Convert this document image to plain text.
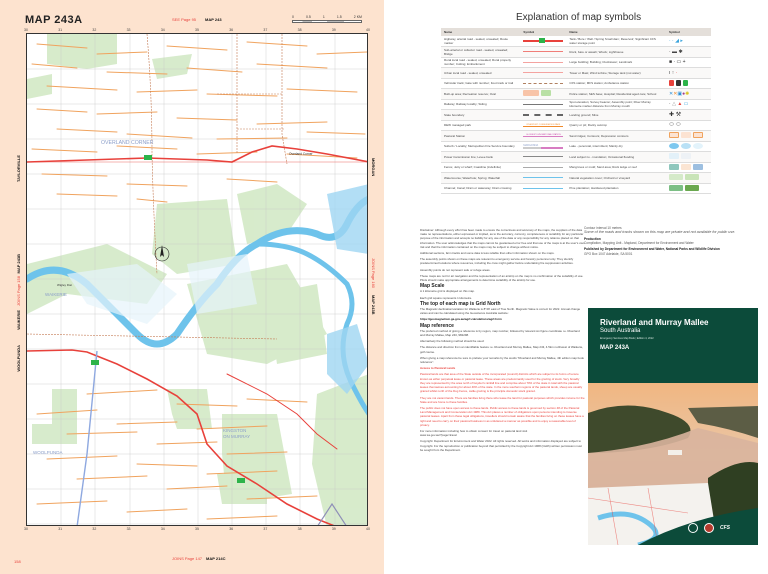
MAP 243A	SEE Page 95 MAP 243	0	0.5	1	1.5	2 KM
30	31	32	33	34	35	36	37	38	39	40
OVERLAND CORNER
Overland Corner
Wigley Flat
WAIKERIE
WOOLPUNDA
KINGSTON
ON MURRAY
30	31	32	33	34	35	36	37	38	39	40
TAYLORVILLE
JOINS Page 158
MAP 243B
WAIKERIE
WOOLPUNDA
MORGAN
JOINS Page 160
MAP 243B
158
JOINS Page 147 MAP 214C
Explanation of map symbols
Name	Symbol	Name	Symbol
Highway, arterial road - sealed, unsealed; Route marker		Tank / Bore / Well / Spring Small dam; Reservoir; Significant CFS water storage point	· · ◢ ▸
Sub-arterial or collector road - sealed, unsealed; Bridge		Rock, bare or awash; Wreck; Lighthouse	· ▬ ✱
Rural local road - sealed, unsealed; Rural property number; Cutting; Embankment		Large building; Building; Clocktower; Landmark	■ · ▭ +
Urban local road - sealed, unsealed		Tower or Mast; Wind turbine; Storage tank (not water)	ı ↑ ·
Vehicular track; Gate with number; Foot track or trail		CFS station; MFS station; Ambulance station	
Built-up area; Recreation reserve; Oval		Police station; SES base; Hospital; Residential aged care; School	✕✕▣●✺
Railway; Railway locality; Siding		Spot elevation; Survey beacon; Assembly point; River Murray kilometre marker distance from Murray mouth	· △ ▲ ▭
State boundary		Landing ground; Mine	✚ ⚒
DEW managed park	RIVERPORT CONSERVATION PARK	Quarry or pit; Rocky outcrop	⬭ ⬭
Pastoral Station	GLOSSOP DUN PASTORAL STATION	Sand ridges; Contours; Depression contours	
Suburb / Locality; Metropolitan Fire Service boundary	MARGONNA	Lake - perennial, intermittent; Mainly dry	
Power transmission line; Levee bank		Land subject to - inundation; Occasional flooding	
Fence; Jetty or wharf; Coastline (indefinite)		Mangroves or mold; Sand area; Rock ledge or reef	
Watercourse; Waterhole; Spring; Waterfall		Natural vegetation cover; Orchard or vineyard	
Channel; Canal; Drain or waterway; Drain crossing		Pine plantation; Hardwood plantation	

Disclaimer: Although every effort has been made to ensure the correctness and accuracy of the maps, the suppliers of the data make no representations, either expressed or implied, as to the accuracy, currency, completeness or suitability for any particular purpose of the information and accepts no liability for any use of the data or any responsibility for any reliance placed on that information. The user acknowledges that the maps cannot be guaranteed error free and that use of the maps is at the user's own risk and that the information contained on the maps may be subject to change without notice.

Additional sections, farm tracks and some data is less reliable than other information shown on the maps.

The assembly points shown on these maps are relevant to emergency service and forestry personnel only. They identify predetermined locations where resources, including the crew might gather before undertaking fire suppression activities.

Assembly points do not represent safe or refuge areas.

These maps are not for air navigation and the representation of an airstrip on the map is no confirmation of the suitability of use. Pilots should make appropriate arrangements to determine suitability of the airstrip for use.

Map Scale

A 1 kilometre grid is displayed on this map.

Each grid square represents 1 kilometre.

The top of each map is Grid North

The Magnetic declination/variation for Waikerie is 8°29' east of True North. Magnetic Value is correct for 2022. Annual change varies and can be calculated using the Geoscience Australia website:

https://geomagnetism.ga.gov.au/agrf-calculations/agrf-form

Map reference

The preferred method of giving a reference is by region, map number, followed by relevant six figure coordinate i.e. Riverland and Murray Mallee, Map 243, 982298.

Alternatively the following method should be used:

The distance and direction from an identifiable feature i.e. Riverland and Murray Mallee, Map 243, 4.5km northwest of Waikerie, golf course.

When giving a map reference be sure to preface your remarks by the words "Riverland and Murray Mallee, 4th edition map book reference".

Access to Pastoral Lands

Pastoral lands are that area of the State outside of the incorporated (council) districts which are subject to its forms of tenure known as either perpetual lease or pastoral lease. These areas are predominantly used for the grazing of stock. Very broadly they are represented by the area north of Goyder's rainfall line and comprise about 70% of the state in total with the pastoral leases themselves accounting for about 40% of the state. In the more southern regions of the pastoral lands, sheep are usually grazed whilst north of the Dog Fence, cattle grazing is the principle domestic stock grazed.

They are not vacant lands. There are families living there who lease the land for pastoral purposes which provides income for the State and are home to these families.

The public does not have open access to these lands. Public access to these lands is governed by section 48 of the Pastoral Land Management and Conservation Act 1989. This Act places a number of obligations upon persons intending to traverse pastoral leases. Apart from these legal obligations, travellers should remain aware that the families living on these leases have a right and need to carry on their pastoral business in as unfettered a manner as possible and to enjoy a reasonable level of privacy.

For more information including how to obtain consent for travel on pastoral land visit

www.sa.gov.au/?page=travel

Copyright: Department for Environment and Water 2022. All rights reserved. All works and information displayed are subject to Copyright. For the reproduction or publication beyond that permitted by the Copyright Act 1968 (Cwlth) written permission must be sought from the Department.

Contour interval 10 metres
Some of the roads and tracks shown on this map are private and not available for public use.
Production
Compilation, Mapping Unit - Mapland, Department for Environment and Water
Published by Department for Environment and Water, National Parks and Wildlife Division
GPO Box 1047 Adelaide, SA 5001
Riverland and Murray Mallee
South Australia
Emergency Services Map Book | Edition 4, 2022
MAP 243A
CFS
